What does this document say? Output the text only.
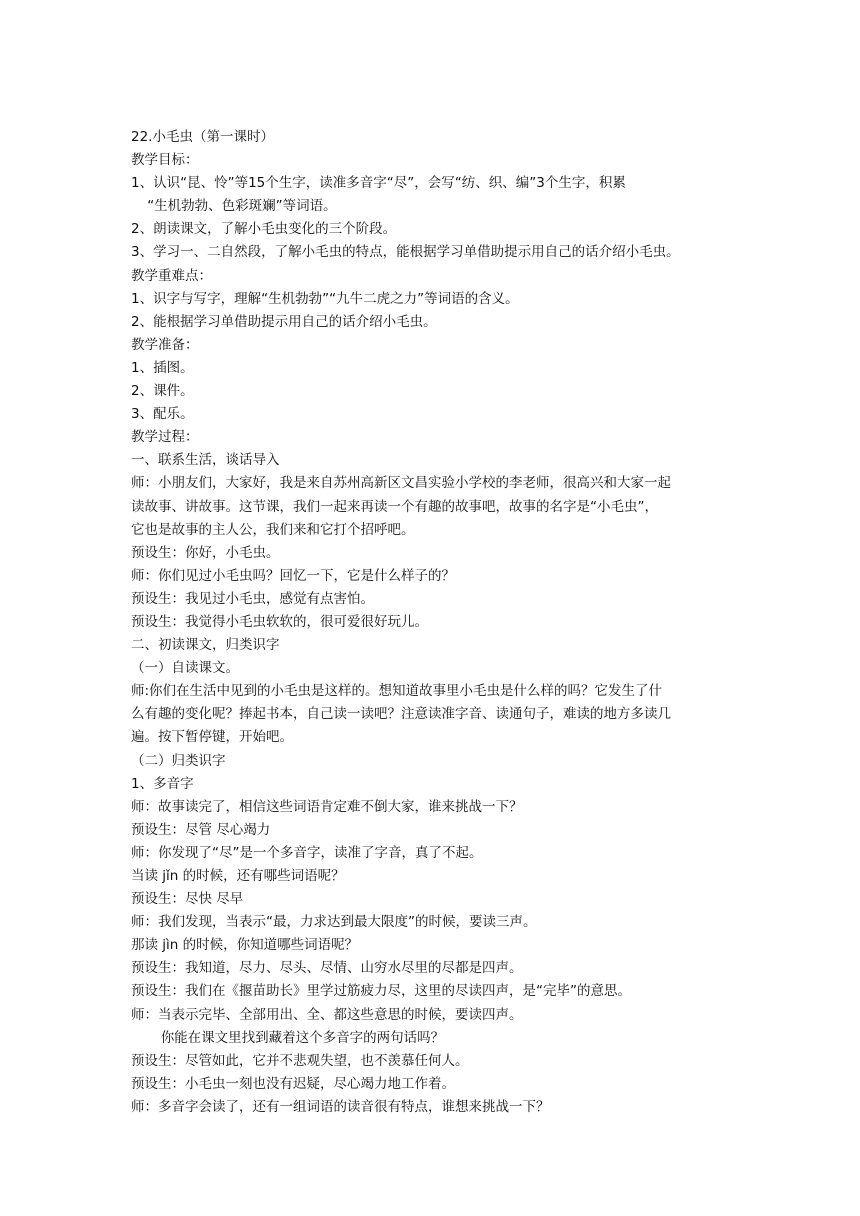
22.小毛虫（第一课时）
教学目标：
1、认识“昆、怜”等15个生字，读准多音字“尽”，会写“纺、织、编”3个生字，积累
“生机勃勃、色彩斑斓”等词语。
2、朗读课文，了解小毛虫变化的三个阶段。
3、学习一、二自然段，了解小毛虫的特点，能根据学习单借助提示用自己的话介绍小毛虫。
教学重难点：
1、识字与写字，理解“生机勃勃”“九牛二虎之力”等词语的含义。
2、能根据学习单借助提示用自己的话介绍小毛虫。
教学准备：
1、插图。
2、课件。
3、配乐。
教学过程：
一、联系生活，谈话导入
师：小朋友们，大家好，我是来自苏州高新区文昌实验小学校的李老师，很高兴和大家一起
读故事、讲故事。这节课，我们一起来再读一个有趣的故事吧，故事的名字是“小毛虫”，
它也是故事的主人公，我们来和它打个招呼吧。
预设生：你好，小毛虫。
师：你们见过小毛虫吗？回忆一下，它是什么样子的？
预设生：我见过小毛虫，感觉有点害怕。
预设生：我觉得小毛虫软软的，很可爱很好玩儿。
二、初读课文，归类识字
（一）自读课文。
师:你们在生活中见到的小毛虫是这样的。想知道故事里小毛虫是什么样的吗？它发生了什
么有趣的变化呢？捧起书本，自己读一读吧？注意读准字音、读通句子，难读的地方多读几
遍。按下暂停键，开始吧。
（二）归类识字
1、多音字
师：故事读完了，相信这些词语肯定难不倒大家，谁来挑战一下？
预设生：尽管 尽心竭力
师：你发现了“尽”是一个多音字，读准了字音，真了不起。
当读 jǐn 的时候，还有哪些词语呢？
预设生：尽快 尽早
师：我们发现，当表示“最，力求达到最大限度”的时候，要读三声。
那读 jìn 的时候，你知道哪些词语呢？
预设生：我知道，尽力、尽头、尽情、山穷水尽里的尽都是四声。
预设生：我们在《揠苗助长》里学过筋疲力尽，这里的尽读四声，是“完毕”的意思。
师：当表示完毕、全部用出、全、都这些意思的时候，要读四声。
你能在课文里找到藏着这个多音字的两句话吗？
预设生：尽管如此，它并不悲观失望，也不羡慕任何人。
预设生：小毛虫一刻也没有迟疑，尽心竭力地工作着。
师：多音字会读了，还有一组词语的读音很有特点，谁想来挑战一下？
